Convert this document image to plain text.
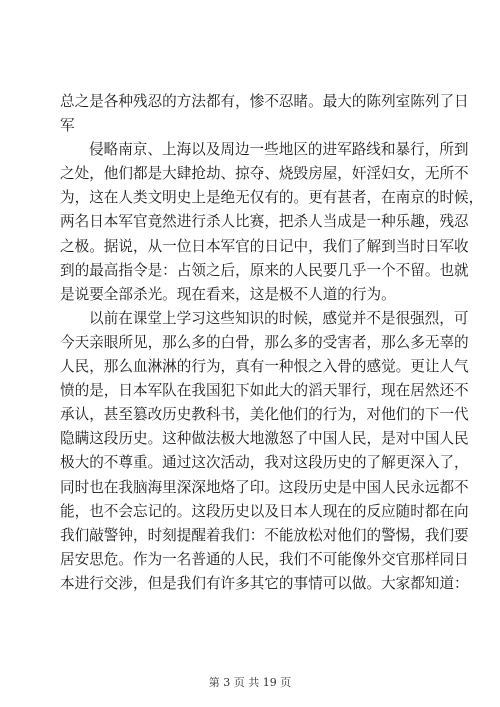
总之是各种残忍的方法都有，惨不忍睹。最大的陈列室陈列了日
军
侵略南京、上海以及周边一些地区的进军路线和暴行，所到
之处，他们都是大肆抢劫、掠夺、烧毁房屋，奸淫妇女，无所不
为，这在人类文明史上是绝无仅有的。更有甚者，在南京的时候，
两名日本军官竟然进行杀人比赛，把杀人当成是一种乐趣，残忍
之极。据说，从一位日本军官的日记中，我们了解到当时日军收
到的最高指令是：占领之后，原来的人民要几乎一个不留。也就
是说要全部杀光。现在看来，这是极不人道的行为。
以前在课堂上学习这些知识的时候，感觉并不是很强烈，可
今天亲眼所见，那么多的白骨，那么多的受害者，那么多无辜的
人民，那么血淋淋的行为，真有一种恨之入骨的感觉。更让人气
愤的是，日本军队在我国犯下如此大的滔天罪行，现在居然还不
承认，甚至篡改历史教科书，美化他们的行为，对他们的下一代
隐瞒这段历史。这种做法极大地激怒了中国人民，是对中国人民
极大的不尊重。通过这次活动，我对这段历史的了解更深入了，
同时也在我脑海里深深地烙了印。这段历史是中国人民永远都不
能，也不会忘记的。这段历史以及日本人现在的反应随时都在向
我们敲警钟，时刻提醒着我们：不能放松对他们的警惕，我们要
居安思危。作为一名普通的人民，我们不可能像外交官那样同日
本进行交涉，但是我们有许多其它的事情可以做。大家都知道：
第 3 页 共 19 页
